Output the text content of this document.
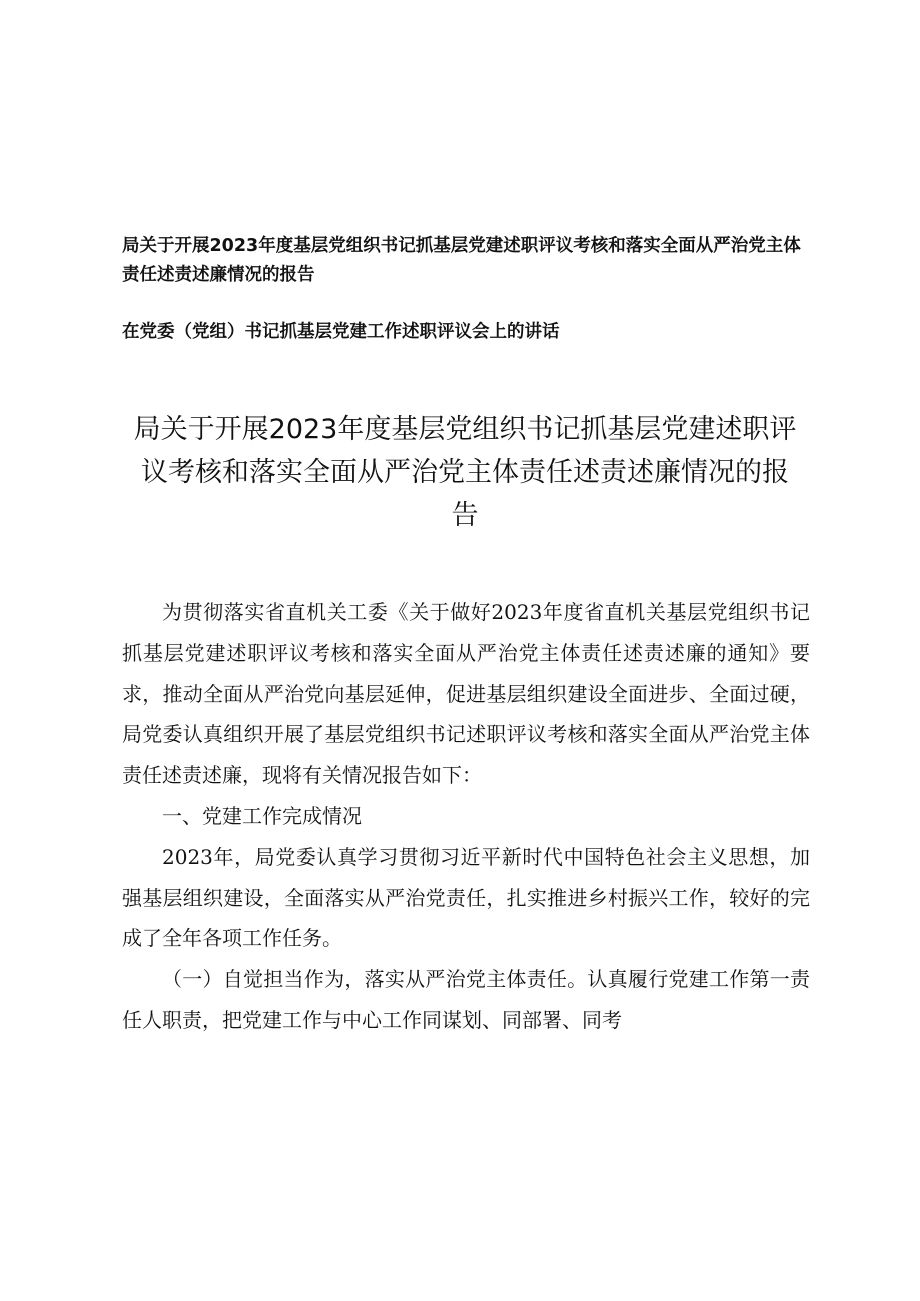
局关于开展2023年度基层党组织书记抓基层党建述职评议考核和落实全面从严治党主体责任述责述廉情况的报告
在党委（党组）书记抓基层党建工作述职评议会上的讲话
局关于开展2023年度基层党组织书记抓基层党建述职评议考核和落实全面从严治党主体责任述责述廉情况的报告

为贯彻落实省直机关工委《关于做好2023年度省直机关基层党组织书记抓基层党建述职评议考核和落实全面从严治党主体责任述责述廉的通知》要求，推动全面从严治党向基层延伸，促进基层组织建设全面进步、全面过硬，局党委认真组织开展了基层党组织书记述职评议考核和落实全面从严治党主体责任述责述廉，现将有关情况报告如下：

一、党建工作完成情况

2023年，局党委认真学习贯彻习近平新时代中国特色社会主义思想，加强基层组织建设，全面落实从严治党责任，扎实推进乡村振兴工作，较好的完成了全年各项工作任务。

（一）自觉担当作为，落实从严治党主体责任。认真履行党建工作第一责任人职责，把党建工作与中心工作同谋划、同部署、同考
